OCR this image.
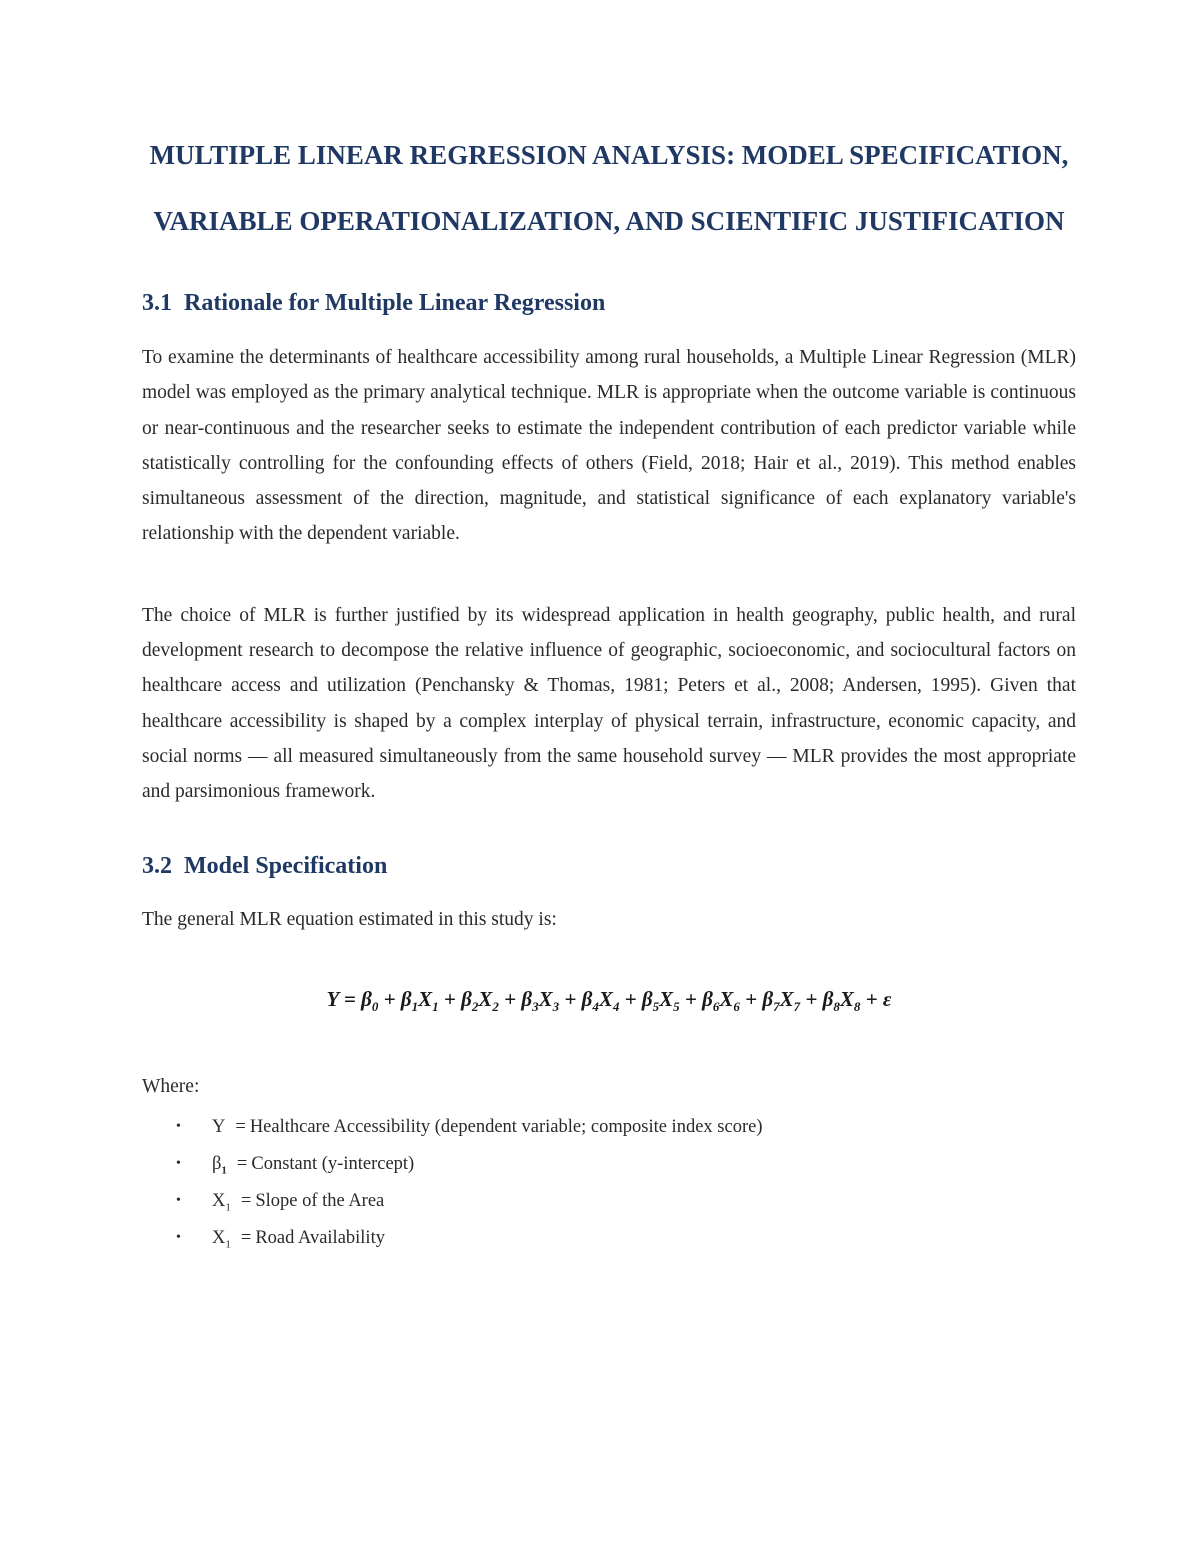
MULTIPLE LINEAR REGRESSION ANALYSIS: MODEL SPECIFICATION,
VARIABLE OPERATIONALIZATION, AND SCIENTIFIC JUSTIFICATION
3.1 Rationale for Multiple Linear Regression

To examine the determinants of healthcare accessibility among rural households, a Multiple Linear Regression (MLR) model was employed as the primary analytical technique. MLR is appropriate when the outcome variable is continuous or near-continuous and the researcher seeks to estimate the independent contribution of each predictor variable while statistically controlling for the confounding effects of others (Field, 2018; Hair et al., 2019). This method enables simultaneous assessment of the direction, magnitude, and statistical significance of each explanatory variable's relationship with the dependent variable.

The choice of MLR is further justified by its widespread application in health geography, public health, and rural development research to decompose the relative influence of geographic, socioeconomic, and sociocultural factors on healthcare access and utilization (Penchansky & Thomas, 1981; Peters et al., 2008; Andersen, 1995). Given that healthcare accessibility is shaped by a complex interplay of physical terrain, infrastructure, economic capacity, and social norms — all measured simultaneously from the same household survey — MLR provides the most appropriate and parsimonious framework.

3.2 Model Specification

The general MLR equation estimated in this study is:

$Y = \beta_0 + \beta_1X_1 + \beta_2X_2 + \beta_3X_3 + \beta_4X_4 + \beta_5X_5 + \beta_6X_6 + \beta_7X_7 + \beta_8X_8 + \varepsilon$
Where:
• Y = Healthcare Accessibility (dependent variable; composite index score)
• $\beta_1$ = Constant (y-intercept)
• $X_1$ = Slope of the Area
• $X_1$ = Road Availability
